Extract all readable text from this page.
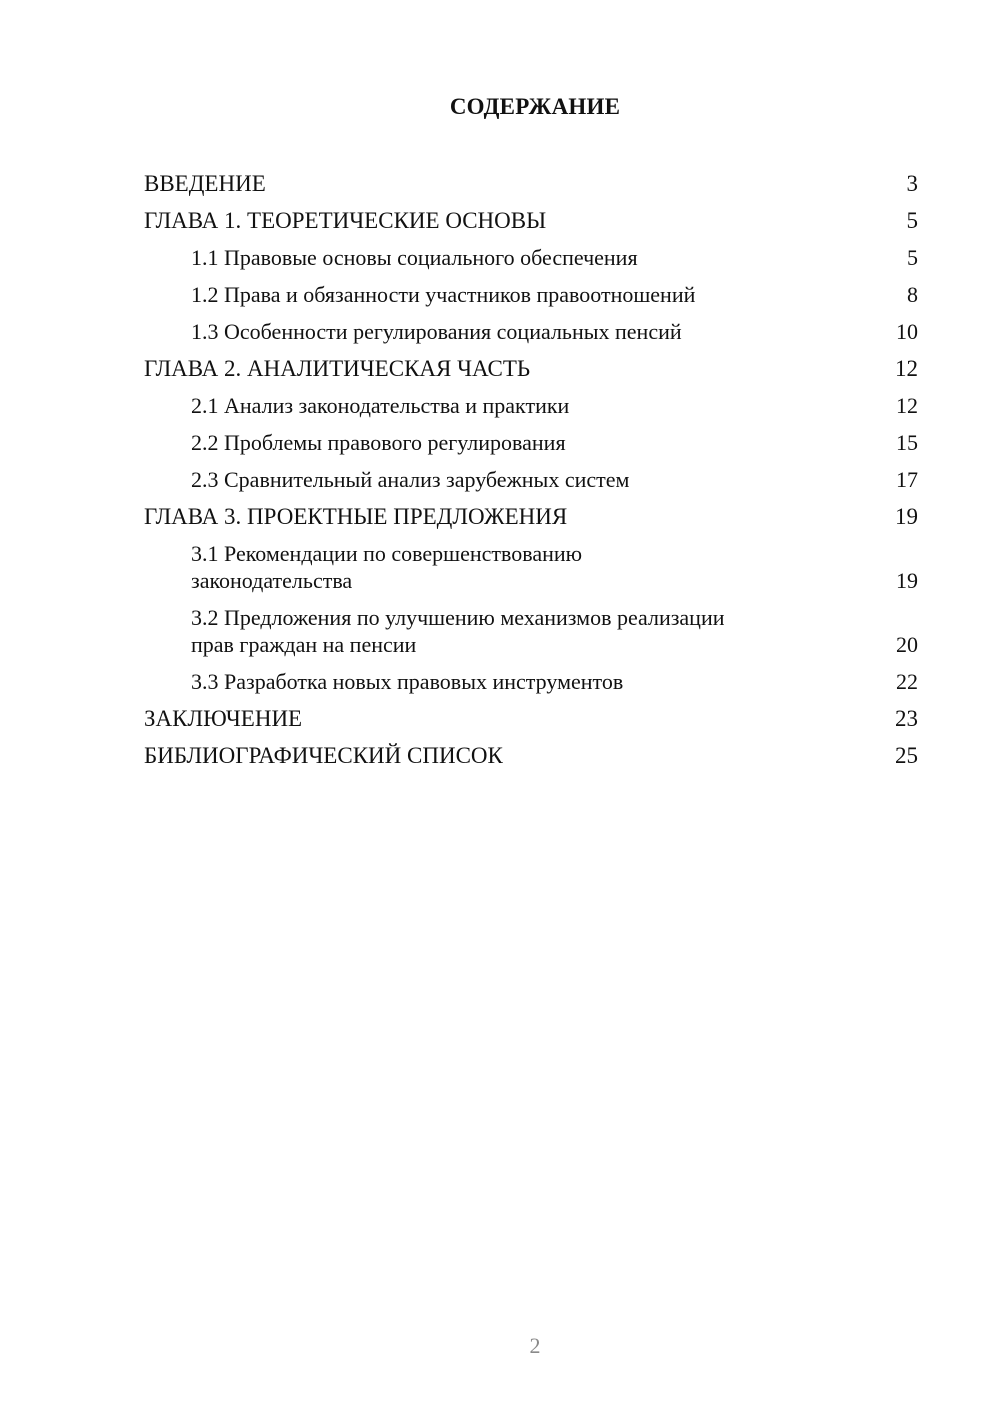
СОДЕРЖАНИЕ
ВВЕДЕНИЕ	3
ГЛАВА 1. ТЕОРЕТИЧЕСКИЕ ОСНОВЫ	5
1.1 Правовые основы социального обеспечения	5
1.2 Права и обязанности участников правоотношений	8
1.3 Особенности регулирования социальных пенсий	10
ГЛАВА 2. АНАЛИТИЧЕСКАЯ ЧАСТЬ	12
2.1 Анализ законодательства и практики	12
2.2 Проблемы правового регулирования	15
2.3 Сравнительный анализ зарубежных систем	17
ГЛАВА 3. ПРОЕКТНЫЕ ПРЕДЛОЖЕНИЯ	19
3.1 Рекомендации по совершенствованию
законодательства	19
3.2 Предложения по улучшению механизмов реализации
прав граждан на пенсии	20
3.3 Разработка новых правовых инструментов	22
ЗАКЛЮЧЕНИЕ	23
БИБЛИОГРАФИЧЕСКИЙ СПИСОК	25
2
